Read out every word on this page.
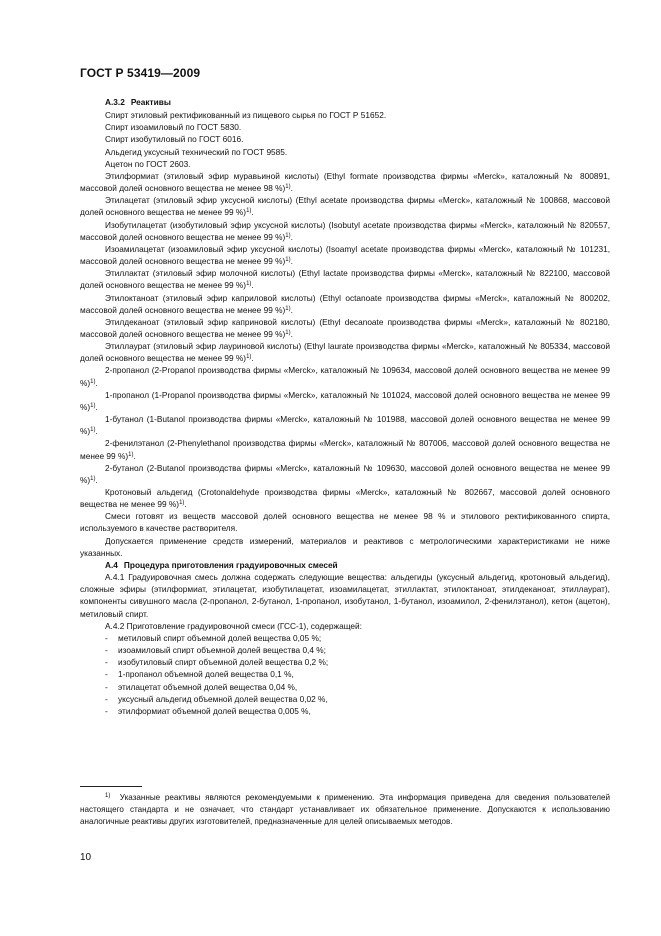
ГОСТ Р 53419—2009

А.3.2 Реактивы

Спирт этиловый ректификованный из пищевого сырья по ГОСТ Р 51652.

Спирт изоамиловый по ГОСТ 5830.

Спирт изобутиловый по ГОСТ 6016.

Альдегид уксусный технический по ГОСТ 9585.

Ацетон по ГОСТ 2603.

Этилформиат (этиловый эфир муравьиной кислоты) (Ethyl formate производства фирмы «Merck», каталожный № 800891, массовой долей основного вещества не менее 98 %)$^{1)}$.

Этилацетат (этиловый эфир уксусной кислоты) (Ethyl acetate производства фирмы «Merck», каталожный № 100868, массовой долей основного вещества не менее 99 %)$^{1)}$.

Изобутилацетат (изобутиловый эфир уксусной кислоты) (Isobutyl acetate производства фирмы «Merck», каталожный № 820557, массовой долей основного вещества не менее 99 %)$^{1)}$.

Изоамилацетат (изоамиловый эфир уксусной кислоты) (Isoamyl acetate производства фирмы «Merck», каталожный № 101231, массовой долей основного вещества не менее 99 %)$^{1)}$.

Этиллактат (этиловый эфир молочной кислоты) (Ethyl lactate производства фирмы «Merck», каталожный № 822100, массовой долей основного вещества не менее 99 %)$^{1)}$.

Этилоктаноат (этиловый эфир каприловой кислоты) (Ethyl octanoate производства фирмы «Merck», каталожный № 800202, массовой долей основного вещества не менее 99 %)$^{1)}$.

Этилдеканоат (этиловый эфир каприновой кислоты) (Ethyl decanoate производства фирмы «Merck», каталожный № 802180, массовой долей основного вещества не менее 99 %)$^{1)}$.

Этиллаурат (этиловый эфир лауриновой кислоты) (Ethyl laurate производства фирмы «Merck», каталожный № 805334, массовой долей основного вещества не менее 99 %)$^{1)}$.

2-пропанол (2-Propanol производства фирмы «Merck», каталожный № 109634, массовой долей основного вещества не менее 99 %)$^{1)}$.

1-пропанол (1-Propanol производства фирмы «Merck», каталожный № 101024, массовой долей основного вещества не менее 99 %)$^{1)}$.

1-бутанол (1-Butanol производства фирмы «Merck», каталожный № 101988, массовой долей основного вещества не менее 99 %)$^{1)}$.

2-фенилэтанол (2-Phenylethanol производства фирмы «Merck», каталожный № 807006, массовой долей основного вещества не менее 99 %)$^{1)}$.

2-бутанол (2-Butanol производства фирмы «Merck», каталожный № 109630, массовой долей основного вещества не менее 99 %)$^{1)}$.

Кротоновый альдегид (Crotonaldehyde производства фирмы «Merck», каталожный № 802667, массовой долей основного вещества не менее 99 %)$^{1)}$.

Смеси готовят из веществ массовой долей основного вещества не менее 98 % и этилового ректификованного спирта, используемого в качестве растворителя.

Допускается применение средств измерений, материалов и реактивов с метрологическими характеристиками не ниже указанных.

А.4 Процедура приготовления градуировочных смесей

А.4.1 Градуировочная смесь должна содержать следующие вещества: альдегиды (уксусный альдегид, кротоновый альдегид), сложные эфиры (этилформиат, этилацетат, изобутилацетат, изоамилацетат, этиллактат, этилоктаноат, этилдеканоат, этиллаурат), компоненты сивушного масла (2-пропанол, 2-бутанол, 1-пропанол, изобутанол, 1-бутанол, изоамилол, 2-фенилэтанол), кетон (ацетон), метиловый спирт.

А.4.2 Приготовление градуировочной смеси (ГСС-1), содержащей:

- метиловый спирт объемной долей вещества 0,05 %;
- изоамиловый спирт объемной долей вещества 0,4 %;
- изобутиловый спирт объемной долей вещества 0,2 %;
- 1-пропанол объемной долей вещества 0,1 %,
- этилацетат объемной долей вещества 0,04 %,
- уксусный альдегид объемной долей вещества 0,02 %,
- этилформиат объемной долей вещества 0,005 %,

$^{1)}$ Указанные реактивы являются рекомендуемыми к применению. Эта информация приведена для сведения пользователей настоящего стандарта и не означает, что стандарт устанавливает их обязательное применение. Допускаются к использованию аналогичные реактивы других изготовителей, предназначенные для целей описываемых методов.

10
